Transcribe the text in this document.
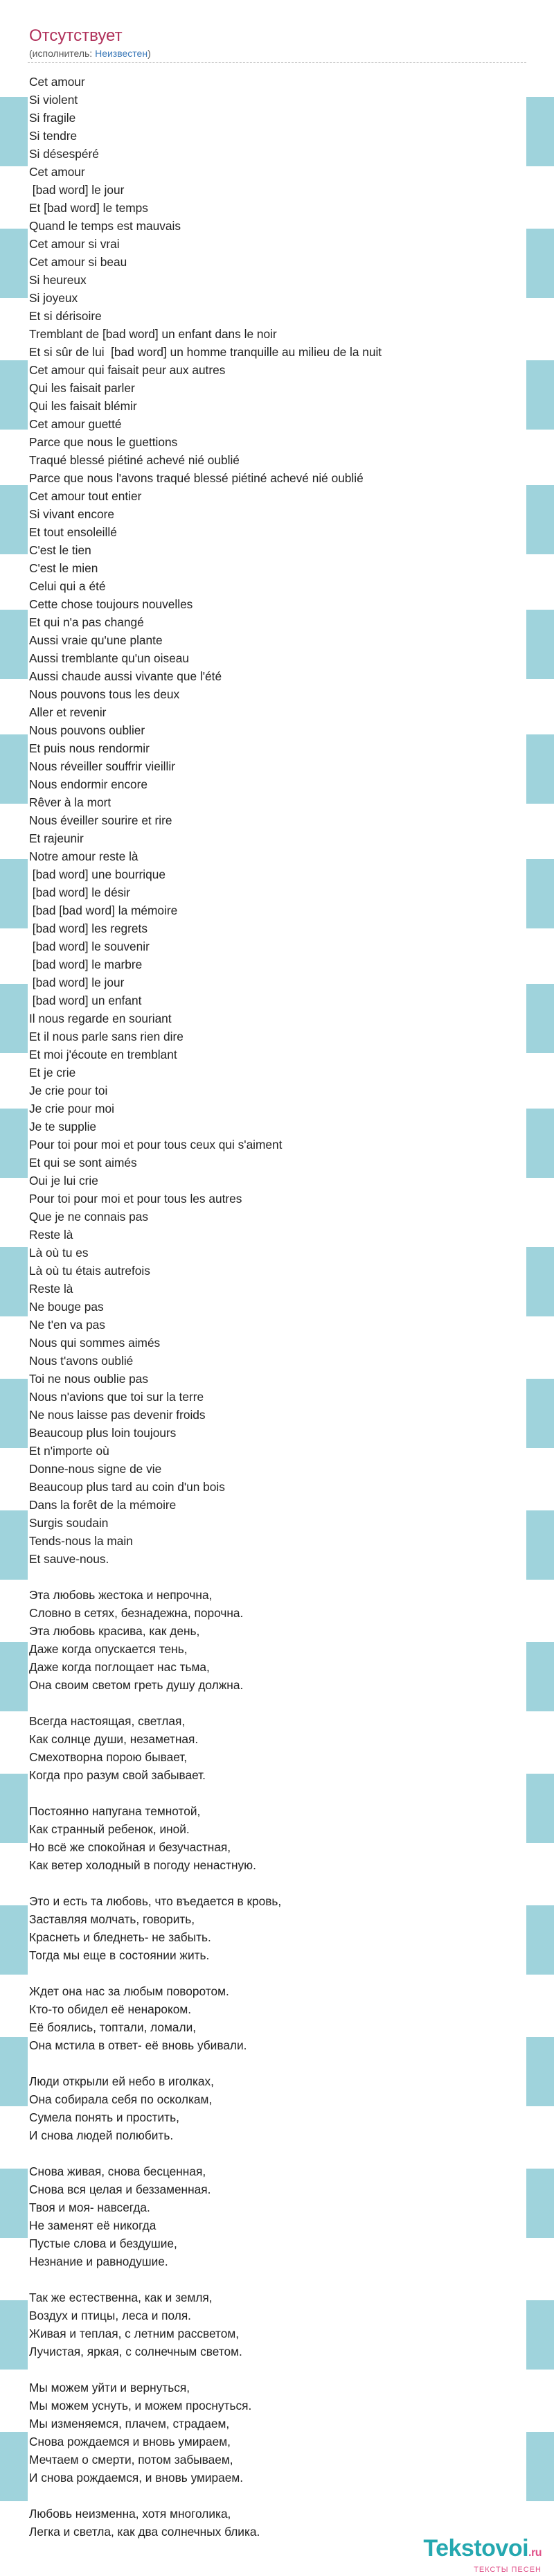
Отсутствует
(исполнитель: Неизвестен)
Cet amour
Si violent
Si fragile
Si tendre
Si désespéré
Cet amour
[bad word] le jour
Et [bad word] le temps
Quand le temps est mauvais
Cet amour si vrai
Cet amour si beau
Si heureux
Si joyeux
Et si dérisoire
Tremblant de [bad word] un enfant dans le noir
Et si sûr de lui  [bad word] un homme tranquille au milieu de la nuit
Cet amour qui faisait peur aux autres
Qui les faisait parler
Qui les faisait blémir
Cet amour guetté
Parce que nous le guettions
Traqué blessé piétiné achevé nié oublié
Parce que nous l'avons traqué blessé piétiné achevé nié oublié
Cet amour tout entier
Si vivant encore
Et tout ensoleillé
C'est le tien
C'est le mien
Celui qui a été
Cette chose toujours nouvelles
Et qui n'a pas changé
Aussi vraie qu'une plante
Aussi tremblante qu'un oiseau
Aussi chaude aussi vivante que l'été
Nous pouvons tous les deux
Aller et revenir
Nous pouvons oublier
Et puis nous rendormir
Nous réveiller souffrir vieillir
Nous endormir encore
Rêver à la mort
Nous éveiller sourire et rire
Et rajeunir
Notre amour reste là
[bad word] une bourrique
[bad word] le désir
[bad [bad word] la mémoire
[bad word] les regrets
[bad word] le souvenir
[bad word] le marbre
[bad word] le jour
[bad word] un enfant
Il nous regarde en souriant
Et il nous parle sans rien dire
Et moi j'écoute en tremblant
Et je crie
Je crie pour toi
Je crie pour moi
Je te supplie
Pour toi pour moi et pour tous ceux qui s'aiment
Et qui se sont aimés
Oui je lui crie
Pour toi pour moi et pour tous les autres
Que je ne connais pas
Reste là
Là où tu es
Là où tu étais autrefois
Reste là
Ne bouge pas
Ne t'en va pas
Nous qui sommes aimés
Nous t'avons oublié
Toi ne nous oublie pas
Nous n'avions que toi sur la terre
Ne nous laisse pas devenir froids
Beaucoup plus loin toujours
Et n'importe où
Donne-nous signe de vie
Beaucoup plus tard au coin d'un bois
Dans la forêt de la mémoire
Surgis soudain
Tends-nous la main
Et sauve-nous.
Эта любовь жестока и непрочна,
Словно в сетях, безнадежна, порочна.
Эта любовь красива, как день,
Даже когда опускается тень,
Даже когда поглощает нас тьма,
Она своим светом греть душу должна.
Всегда настоящая, светлая,
Как солнце души, незаметная.
Смехотворна порою бывает,
Когда про разум свой забывает.
Постоянно напугана темнотой,
Как странный ребенок, иной.
Но всё же спокойная и безучастная,
Как ветер холодный в погоду ненастную.
Это и есть та любовь, что въедается в кровь,
Заставляя молчать, говорить,
Краснеть и бледнеть- не забыть.
Тогда мы еще в состоянии жить.
Ждет она нас за любым поворотом.
Кто-то обидел её ненароком.
Её боялись, топтали, ломали,
Она мстила в ответ- её вновь убивали.
Люди открыли ей небо в иголках,
Она собирала себя по осколкам,
Сумела понять и простить,
И снова людей полюбить.
Снова живая, снова бесценная,
Снова вся целая и беззаменная.
Твоя и моя- навсегда.
Не заменят её никогда
Пустые слова и бездушие,
Незнание и равнодушие.
Так же естественна, как и земля,
Воздух и птицы, леса и поля.
Живая и теплая, с летним рассветом,
Лучистая, яркая, с солнечным светом.
Мы можем уйти и вернуться,
Мы можем уснуть, и можем проснуться.
Мы изменяемся, плачем, страдаем,
Снова рождаемся и вновь умираем,
Мечтаем о смерти, потом забываем,
И снова рождаемся, и вновь умираем.
Любовь неизменна, хотя многолика,
Легка и светла, как два солнечных блика.
Tekstovoi.ru
ТЕКСТЫ ПЕСЕН
